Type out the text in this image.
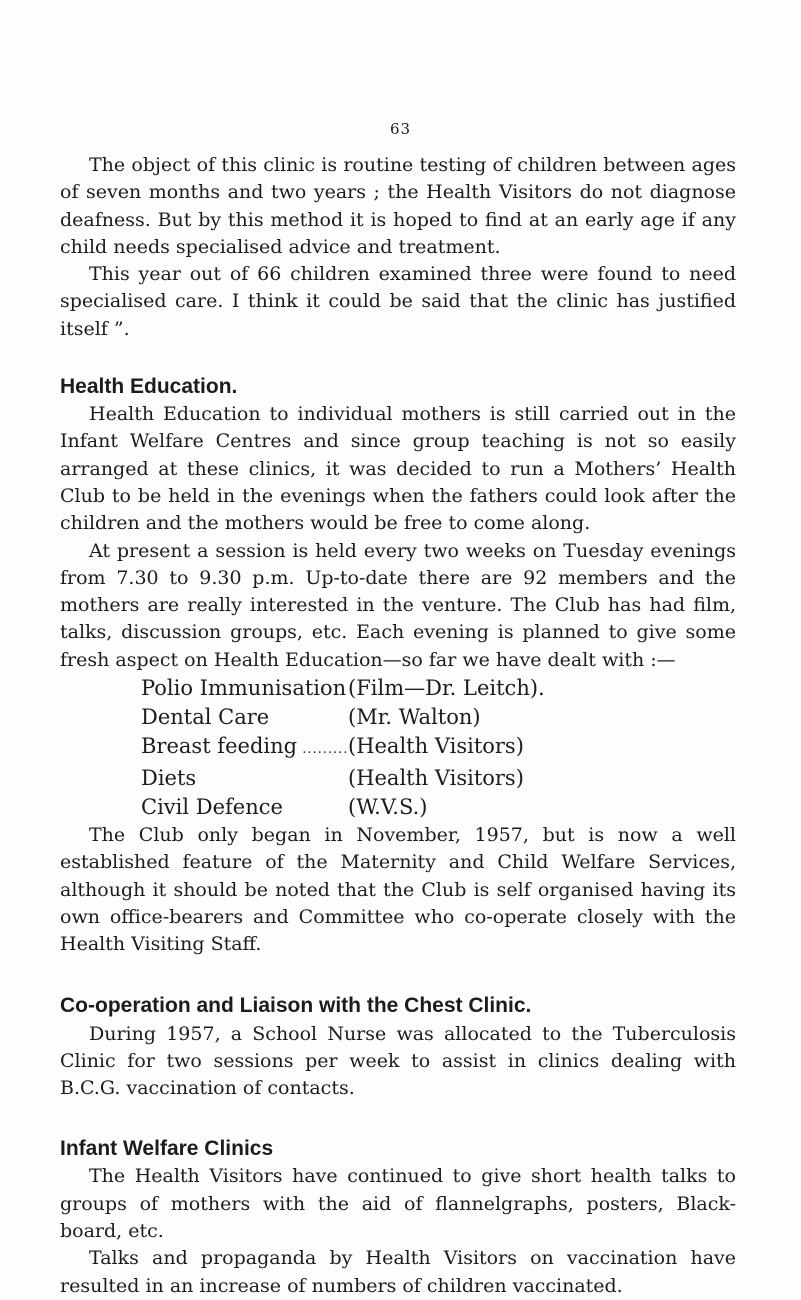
63

The object of this clinic is routine testing of children between ages of seven months and two years ; the Health Visitors do not diagnose deafness. But by this method it is hoped to find at an early age if any child needs specialised advice and treatment.

This year out of 66 children examined three were found to need specialised care. I think it could be said that the clinic has justified itself ”.

Health Education.

Health Education to individual mothers is still carried out in the Infant Welfare Centres and since group teaching is not so easily arranged at these clinics, it was decided to run a Mothers’ Health Club to be held in the evenings when the fathers could look after the children and the mothers would be free to come along.

At present a session is held every two weeks on Tuesday evenings from 7.30 to 9.30 p.m. Up-to-date there are 92 members and the mothers are really interested in the venture. The Club has had film, talks, discussion groups, etc. Each evening is planned to give some fresh aspect on Health Education—so far we have dealt with :—

Polio Immunisation (Film—Dr. Leitch).
Dental Care	(Mr. Walton)
Breast feeding .....	(Health Visitors)
Diets	(Health Visitors)
Civil Defence	(W.V.S.)

The Club only began in November, 1957, but is now a well established feature of the Maternity and Child Welfare Services, although it should be noted that the Club is self organised having its own office-bearers and Committee who co-operate closely with the Health Visiting Staff.

Co-operation and Liaison with the Chest Clinic.

During 1957, a School Nurse was allocated to the Tuberculosis Clinic for two sessions per week to assist in clinics dealing with B.C.G. vaccination of contacts.

Infant Welfare Clinics

The Health Visitors have continued to give short health talks to groups of mothers with the aid of flannelgraphs, posters, Black-board, etc.

Talks and propaganda by Health Visitors on vaccination have resulted in an increase of numbers of children vaccinated.
